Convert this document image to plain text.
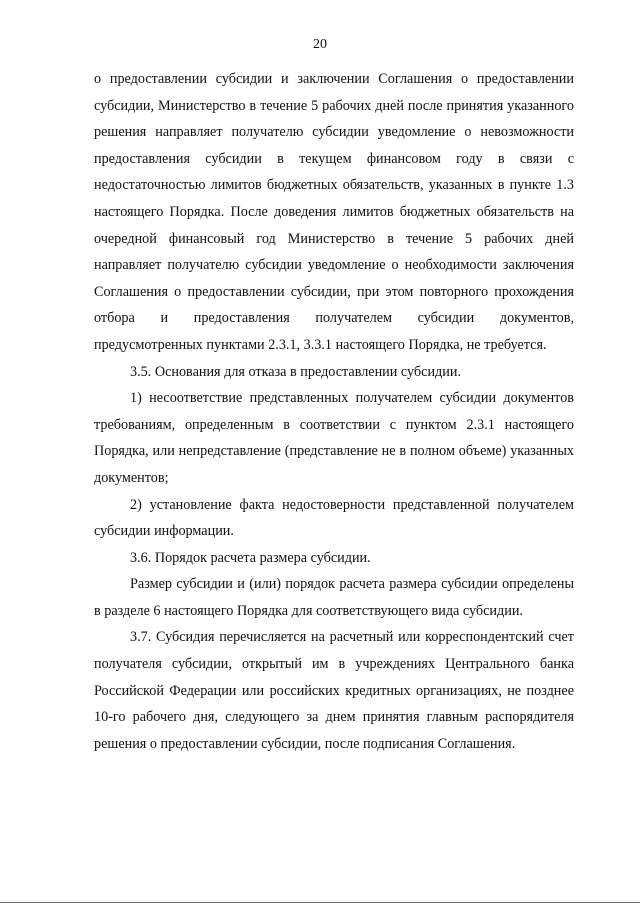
20

о предоставлении субсидии и заключении Соглашения о предоставлении субсидии, Министерство в течение 5 рабочих дней после принятия указанного решения направляет получателю субсидии уведомление о невозможности предоставления субсидии в текущем финансовом году в связи с недостаточностью лимитов бюджетных обязательств, указанных в пункте 1.3 настоящего Порядка. После доведения лимитов бюджетных обязательств на очередной финансовый год Министерство в течение 5 рабочих дней направляет получателю субсидии уведомление о необходимости заключения Соглашения о предоставлении субсидии, при этом повторного прохождения отбора и предоставления получателем субсидии документов, предусмотренных пунктами 2.3.1, 3.3.1 настоящего Порядка, не требуется.

3.5. Основания для отказа в предоставлении субсидии.

1) несоответствие представленных получателем субсидии документов требованиям, определенным в соответствии с пунктом 2.3.1 настоящего Порядка, или непредставление (представление не в полном объеме) указанных документов;

2) установление факта недостоверности представленной получателем субсидии информации.

3.6. Порядок расчета размера субсидии.

Размер субсидии и (или) порядок расчета размера субсидии определены в разделе 6 настоящего Порядка для соответствующего вида субсидии.

3.7. Субсидия перечисляется на расчетный или корреспондентский счет получателя субсидии, открытый им в учреждениях Центрального банка Российской Федерации или российских кредитных организациях, не позднее 10-го рабочего дня, следующего за днем принятия главным распорядителя решения о предоставлении субсидии, после подписания Соглашения.
